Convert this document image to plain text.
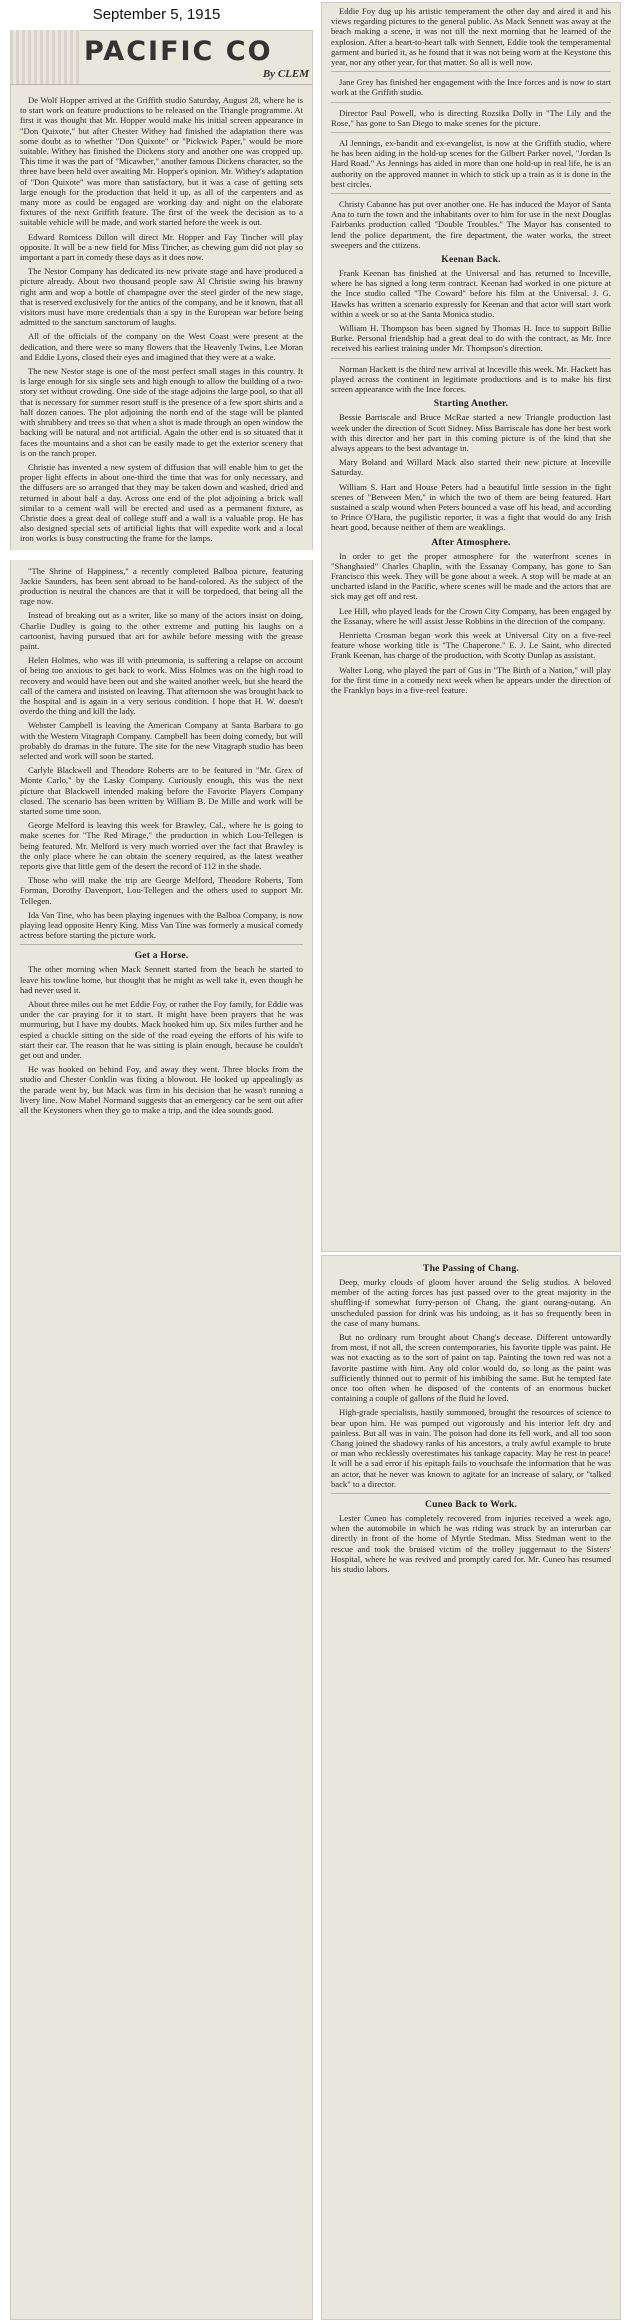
September 5, 1915
PACIFIC CO
By CLEM

De Wolf Hopper arrived at the Griffith studio Saturday, August 28, where he is to start work on feature productions to be released on the Triangle programme. At first it was thought that Mr. Hopper would make his initial screen appearance in "Don Quixote," but after Chester Withey had finished the adaptation there was some doubt as to whether "Don Quixote" or "Pickwick Paper," would be more suitable. Withey has finished the Dickens story and another one was cropped up. This time it was the part of "Micawber," another famous Dickens character, so the three have been held over awaiting Mr. Hopper's opinion. Mr. Withey's adaptation of "Don Quixote" was more than satisfactory, but it was a case of getting sets large enough for the production that held it up, as all of the carpenters and as many more as could be engaged are working day and night on the elaborate fixtures of the next Griffith feature. The first of the week the decision as to a suitable vehicle will be made, and work started before the week is out.

Edward Romicess Dillon will direct Mr. Hopper and Fay Tincher will play opposite. It will be a new field for Miss Tincher, as chewing gum did not play so important a part in comedy these days as it does now.

The Nestor Company has dedicated its new private stage and have produced a picture already. About two thousand people saw Al Christie swing his brawny right arm and wop a bottle of champagne over the steel girder of the new stage, that is reserved exclusively for the antics of the company, and be it known, that all visitors must have more credentials than a spy in the European war before being admitted to the sanctum sanctorum of laughs.

All of the officials of the company on the West Coast were present at the dedication, and there were so many flowers that the Heavenly Twins, Lee Moran and Eddie Lyons, closed their eyes and imagined that they were at a wake.

The new Nestor stage is one of the most perfect small stages in this country. It is large enough for six single sets and high enough to allow the building of a two-story set without crowding. One side of the stage adjoins the large pool, so that all that is necessary for summer resort stuff is the presence of a few sport shirts and a half dozen canoes. The plot adjoining the north end of the stage will be planted with shrubbery and trees so that when a shot is made through an open window the backing will be natural and not artificial. Again the other end is so situated that it faces the mountains and a shot can be easily made to get the exterior scenery that is on the ranch proper.

Christie has invented a new system of diffusion that will enable him to get the proper light effects in about one-third the time that was for only necessary, and the diffusers are so arranged that they may be taken down and washed, dried and returned in about half a day. Across one end of the plot adjoining a brick wall similar to a cement wall will be erected and used as a permanent fixture, as Christie does a great deal of college stuff and a wall is a valuable prop. He has also designed special sets of artificial lights that will expedite work and a local iron works is busy constructing the frame for the lamps.

"The Shrine of Happiness," a recently completed Balboa picture, featuring Jackie Saunders, has been sent abroad to be hand-colored. As the subject of the production is neutral the chances are that it will be torpedoed, that being all the rage now.

Instead of breaking out as a writer, like so many of the actors insist on doing, Charlie Dudley is going to the other extreme and putting his laughs on a cartoonist, having pursued that art for awhile before messing with the grease paint.

Helen Holmes, who was ill with pneumonia, is suffering a relapse on account of being too anxious to get back to work. Miss Holmes was on the high road to recovery and would have been out and she waited another week, but she heard the call of the camera and insisted on leaving. That afternoon she was brought back to the hospital and is again in a very serious condition. I hope that H. W. doesn't overdo the thing and kill the lady.

Webster Campbell is leaving the American Company at Santa Barbara to go with the Western Vitagraph Company. Campbell has been doing comedy, but will probably do dramas in the future. The site for the new Vitagraph studio has been selected and work will soon be started.

Carlyle Blackwell and Theodore Roberts are to be featured in "Mr. Grex of Monte Carlo," by the Lasky Company. Curiously enough, this was the next picture that Blackwell intended making before the Favorite Players Company closed. The scenario has been written by William B. De Mille and work will be started some time soon.

George Melford is leaving this week for Brawley, Cal., where he is going to make scenes for "The Red Mirage," the production in which Lou-Tellegen is being featured. Mr. Melford is very much worried over the fact that Brawley is the only place where he can obtain the scenery required, as the latest weather reports give that little gem of the desert the record of 112 in the shade.

Those who will make the trip are George Melford, Theodore Roberts, Tom Forman, Dorothy Davenport, Lou-Tellegen and the others used to support Mr. Tellegen.

Ida Van Tine, who has been playing ingenues with the Balboa Company, is now playing lead opposite Henry King. Miss Van Tine was formerly a musical comedy actress before starting the picture work.

Get a Horse.

The other morning when Mack Sennett started from the beach he started to leave his towline home, but thought that he might as well take it, even though he had never used it.

About three miles out he met Eddie Foy, or rather the Foy family, for Eddie was under the car praying for it to start. It might have been prayers that he was murmuring, but I have my doubts. Mack hooked him up. Six miles further and he espied a chuckle sitting on the side of the road eyeing the efforts of his wife to start their car. The reason that he was sitting is plain enough, because he couldn't get out and under.

He was hooked on behind Foy, and away they went. Three blocks from the studio and Chester Conklin was fixing a blowout. He looked up appealingly as the parade went by, but Mack was firm in his decision that he wasn't running a livery line. Now Mabel Normand suggests that an emergency car be sent out after all the Keystoners when they go to make a trip, and the idea sounds good.

Eddie Foy dug up his artistic temperament the other day and aired it and his views regarding pictures to the general public. As Mack Sennett was away at the beach making a scene, it was not till the next morning that he learned of the explosion. After a heart-to-heart talk with Sennett, Eddie took the temperamental garment and buried it, as he found that it was not being worn at the Keystone this year, nor any other year, for that matter. So all is well now.

Jane Grey has finished her engagement with the Ince forces and is now to start work at the Griffith studio.

Director Paul Powell, who is directing Rozsika Dolly in "The Lily and the Rose," has gone to San Diego to make scenes for the picture.

Al Jennings, ex-bandit and ex-evangelist, is now at the Griffith studio, where he has been aiding in the hold-up scenes for the Gilbert Parker novel, "Jordan Is Hard Road." As Jennings has aided in more than one hold-up in real life, he is an authority on the approved manner in which to stick up a train as it is done in the best circles.

Christy Cabanne has put over another one. He has induced the Mayor of Santa Ana to turn the town and the inhabitants over to him for use in the next Douglas Fairbanks production called "Double Troubles." The Mayor has consented to lend the police department, the fire department, the water works, the street sweepers and the citizens.

Keenan Back.

Frank Keenan has finished at the Universal and has returned to Inceville, where he has signed a long term contract. Keenan had worked in one picture at the Ince studio called "The Coward" before his film at the Universal. J. G. Hawks has written a scenario expressly for Keenan and that actor will start work within a week or so at the Santa Monica studio.

William H. Thompson has been signed by Thomas H. Ince to support Billie Burke. Personal friendship had a great deal to do with the contract, as Mr. Ince received his earliest training under Mr. Thompson's direction.

Norman Hackett is the third new arrival at Inceville this week. Mr. Hackett has played across the continent in legitimate productions and is to make his first screen appearance with the Ince forces.

Starting Another.

Bessie Barriscale and Bruce McRae started a new Triangle production last week under the direction of Scott Sidney. Miss Barriscale has done her best work with this director and her part in this coming picture is of the kind that she always appears to the best advantage in.

Mary Boland and Willard Mack also started their new picture at Inceville Saturday.

William S. Hart and House Peters had a beautiful little session in the fight scenes of "Between Men," in which the two of them are being featured. Hart sustained a scalp wound when Peters bounced a vase off his head, and according to Prince O'Hara, the pugilistic reporter, it was a fight that would do any Irish heart good, because neither of them are weaklings.

After Atmosphere.

In order to get the proper atmosphere for the waterfront scenes in "Shanghaied" Charles Chaplin, with the Essanay Company, has gone to San Francisco this week. They will be gone about a week. A stop will be made at an uncharted island in the Pacific, where scenes will be made and the actors that are sick may get off and rest.

Lee Hill, who played leads for the Crown City Company, has been engaged by the Essanay, where he will assist Jesse Robbins in the direction of the company.

Henrietta Crosman began work this week at Universal City on a five-reel feature whose working title is "The Chaperone." E. J. Le Saint, who directed Frank Keenan, has charge of the production, with Scotty Dunlap as assistant.

Walter Long, who played the part of Gus in "The Birth of a Nation," will play for the first time in a comedy next week when he appears under the direction of the Franklyn boys in a five-reel feature.

The Passing of Chang.

Deep, murky clouds of gloom hover around the Selig studios. A beloved member of the acting forces has just passed over to the great majority in the shuffling-if somewhat furry-person of Chang, the giant ourang-outang. An unscheduled passion for drink was his undoing, as it has so frequently been in the case of many humans.

But no ordinary rum brought about Chang's decease. Different untowardly from most, if not all, the screen contemporaries, his favorite tipple was paint. He was not exacting as to the sort of paint on tap. Painting the town red was not a favorite pastime with him. Any old color would do, so long as the paint was sufficiently thinned out to permit of his imbibing the same. But he tempted fate once too often when he disposed of the contents of an enormous bucket containing a couple of gallons of the fluid he loved.

High-grade specialists, hastily summoned, brought the resources of science to bear upon him. He was pumped out vigorously and his interior left dry and painless. But all was in vain. The poison had done its fell work, and all too soon Chang joined the shadowy ranks of his ancestors, a truly awful example to brute or man who recklessly overestimates his tankage capacity. May he rest in peace! It will be a sad error if his epitaph fails to vouchsafe the information that he was an actor, that he never was known to agitate for an increase of salary, or "talked back" to a director.

Cuneo Back to Work.

Lester Cuneo has completely recovered from injuries received a week ago, when the automobile in which he was riding was struck by an interurban car directly in front of the home of Myrtle Stedman. Miss Stedman went to the rescue and took the bruised victim of the trolley juggernaut to the Sisters' Hospital, where he was revived and promptly cared for. Mr. Cuneo has resumed his studio labors.
